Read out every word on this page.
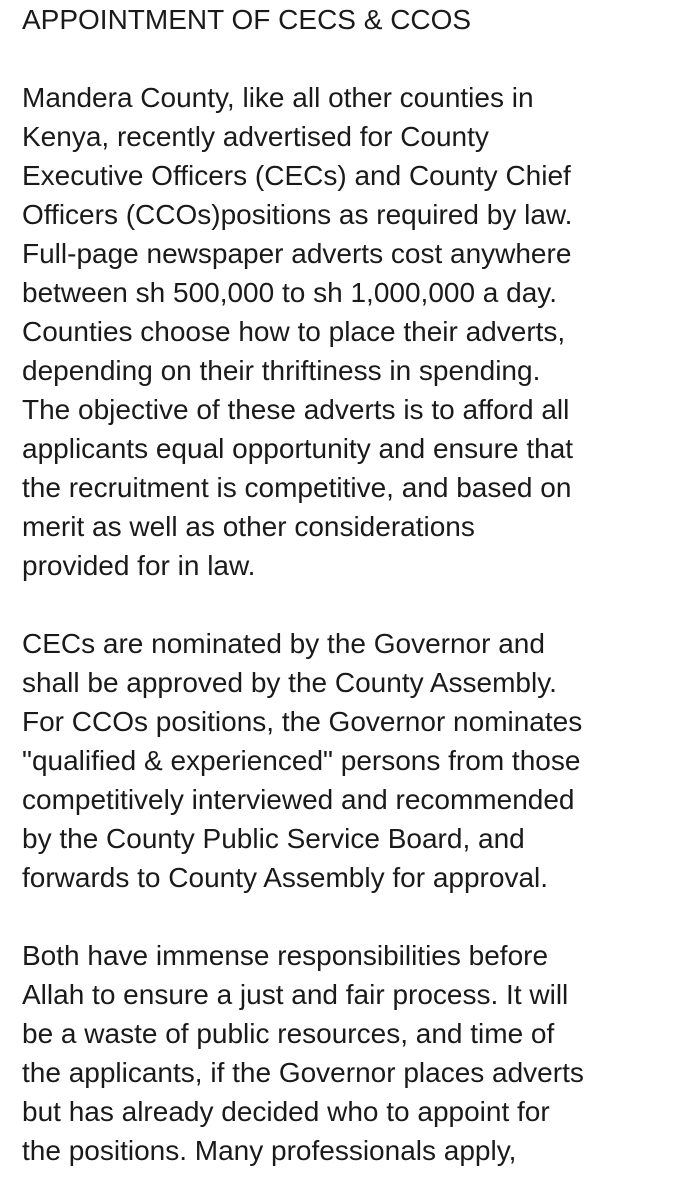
APPOINTMENT OF CECS & CCOS

Mandera County, like all other counties in
Kenya, recently advertised for County
Executive Officers (CECs) and County Chief
Officers (CCOs)positions as required by law.
Full-page newspaper adverts cost anywhere
between sh 500,000 to sh 1,000,000 a day.
Counties choose how to place their adverts,
depending on their thriftiness in spending.
The objective of these adverts is to afford all
applicants equal opportunity and ensure that
the recruitment is competitive, and based on
merit as well as other considerations
provided for in law.

CECs are nominated by the Governor and
shall be approved by the County Assembly.
For CCOs positions, the Governor nominates
"qualified & experienced" persons from those
competitively interviewed and recommended
by the County Public Service Board, and
forwards to County Assembly for approval.

Both have immense responsibilities before
Allah to ensure a just and fair process. It will
be a waste of public resources, and time of
the applicants, if the Governor places adverts
but has already decided who to appoint for
the positions. Many professionals apply,
